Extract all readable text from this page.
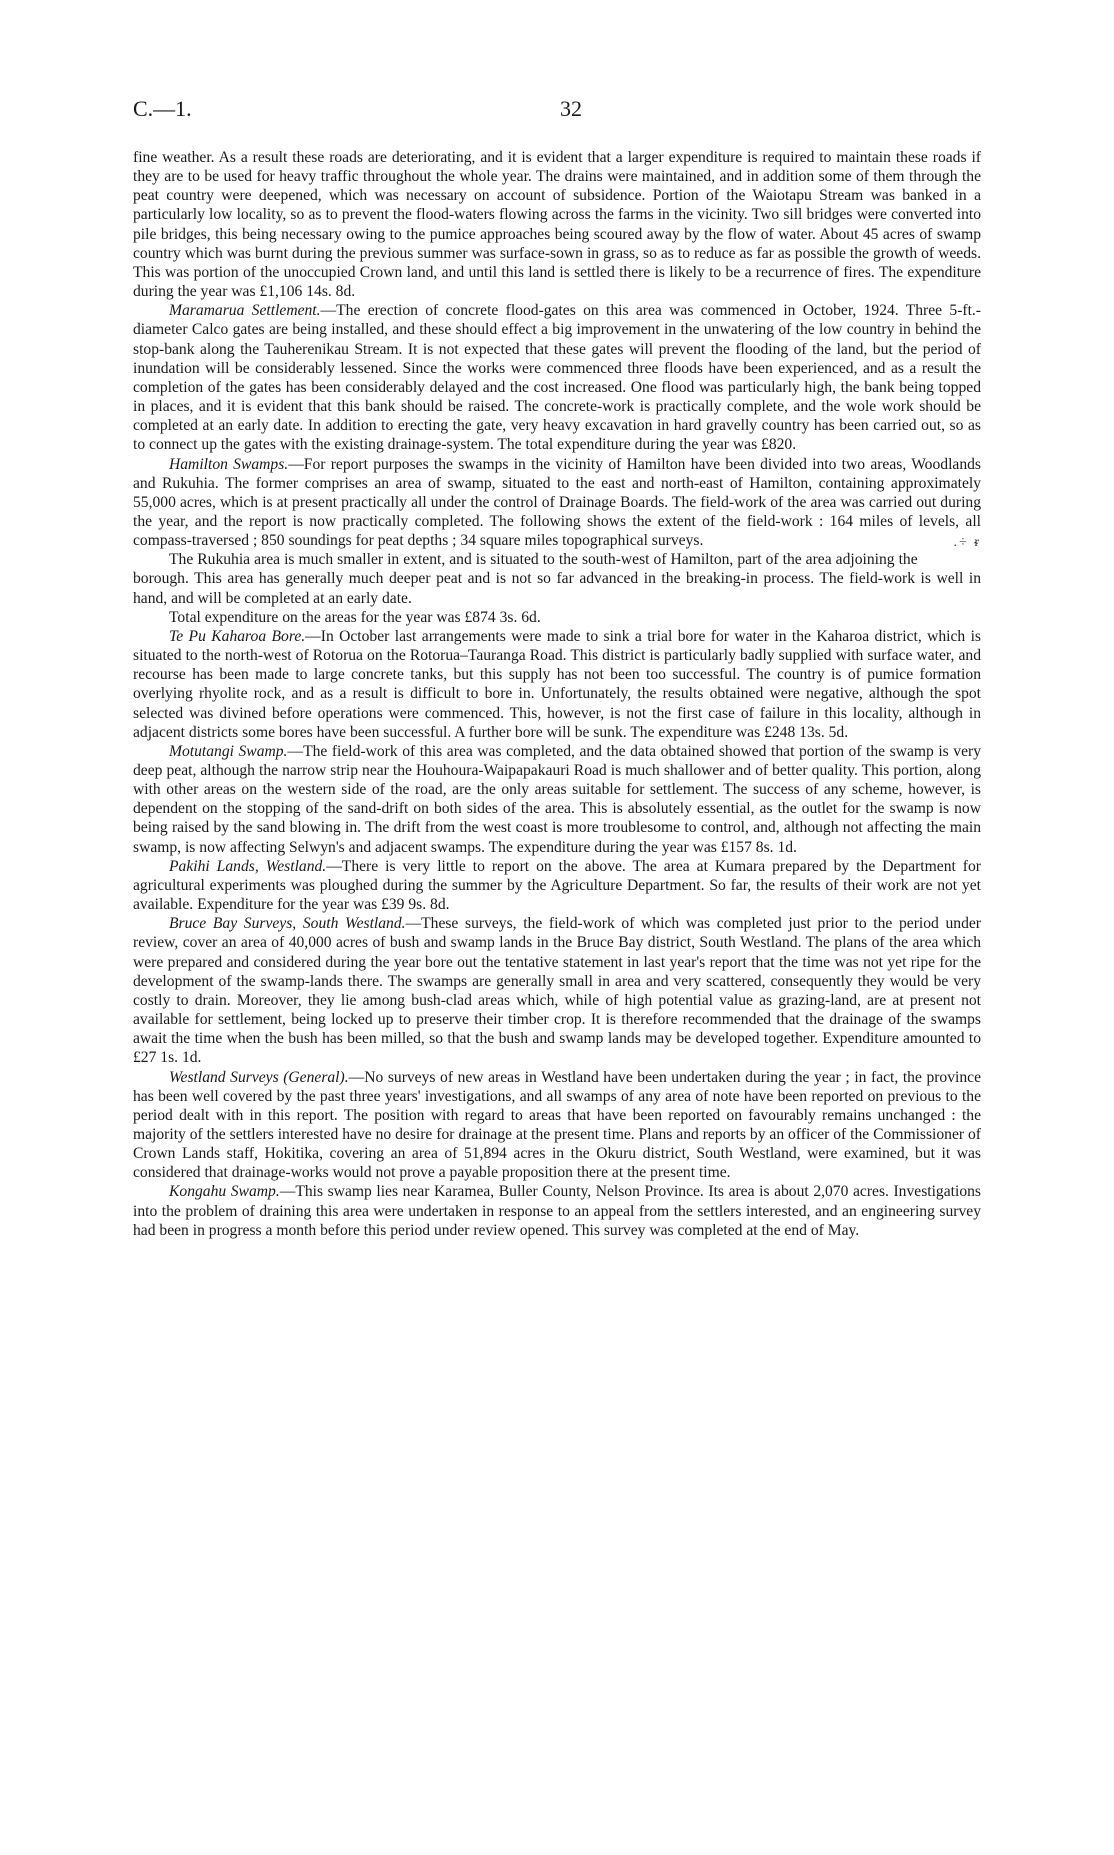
C.—1.	32

fine weather. As a result these roads are deteriorating, and it is evident that a larger expenditure is required to maintain these roads if they are to be used for heavy traffic throughout the whole year. The drains were maintained, and in addition some of them through the peat country were deepened, which was necessary on account of subsidence. Portion of the Waiotapu Stream was banked in a particularly low locality, so as to prevent the flood-waters flowing across the farms in the vicinity. Two sill bridges were converted into pile bridges, this being necessary owing to the pumice approaches being scoured away by the flow of water. About 45 acres of swamp country which was burnt during the previous summer was surface-sown in grass, so as to reduce as far as possible the growth of weeds. This was portion of the unoccupied Crown land, and until this land is settled there is likely to be a recurrence of fires. The expenditure during the year was £1,106 14s. 8d.

Maramarua Settlement.—The erection of concrete flood-gates on this area was commenced in October, 1924. Three 5-ft.-diameter Calco gates are being installed, and these should effect a big improvement in the unwatering of the low country in behind the stop-bank along the Tauherenikau Stream. It is not expected that these gates will prevent the flooding of the land, but the period of inundation will be considerably lessened. Since the works were commenced three floods have been experienced, and as a result the completion of the gates has been considerably delayed and the cost increased. One flood was particularly high, the bank being topped in places, and it is evident that this bank should be raised. The concrete-work is practically complete, and the wole work should be completed at an early date. In addition to erecting the gate, very heavy excavation in hard gravelly country has been carried out, so as to connect up the gates with the existing drainage-system. The total expenditure during the year was £820.

Hamilton Swamps.—For report purposes the swamps in the vicinity of Hamilton have been divided into two areas, Woodlands and Rukuhia. The former comprises an area of swamp, situated to the east and north-east of Hamilton, containing approximately 55,000 acres, which is at present practically all under the control of Drainage Boards. The field-work of the area was carried out during the year, and the report is now practically completed. The following shows the extent of the field-work : 164 miles of levels, all compass-traversed ; 850 soundings for peat depths ; 34 square miles topographical surveys.	.÷ ᵲ

The Rukuhia area is much smaller in extent, and is situated to the south-west of Hamilton, part of the area adjoining the borough. This area has generally much deeper peat and is not so far advanced in the breaking-in process. The field-work is well in hand, and will be completed at an early date.

Total expenditure on the areas for the year was £874 3s. 6d.

Te Pu Kaharoa Bore.—In October last arrangements were made to sink a trial bore for water in the Kaharoa district, which is situated to the north-west of Rotorua on the Rotorua–Tauranga Road. This district is particularly badly supplied with surface water, and recourse has been made to large concrete tanks, but this supply has not been too successful. The country is of pumice formation overlying rhyolite rock, and as a result is difficult to bore in. Unfortunately, the results obtained were negative, although the spot selected was divined before operations were commenced. This, however, is not the first case of failure in this locality, although in adjacent districts some bores have been successful. A further bore will be sunk. The expenditure was £248 13s. 5d.

Motutangi Swamp.—The field-work of this area was completed, and the data obtained showed that portion of the swamp is very deep peat, although the narrow strip near the Houhoura-Waipapakauri Road is much shallower and of better quality. This portion, along with other areas on the western side of the road, are the only areas suitable for settlement. The success of any scheme, however, is dependent on the stopping of the sand-drift on both sides of the area. This is absolutely essential, as the outlet for the swamp is now being raised by the sand blowing in. The drift from the west coast is more troublesome to control, and, although not affecting the main swamp, is now affecting Selwyn's and adjacent swamps. The expenditure during the year was £157 8s. 1d.

Pakihi Lands, Westland.—There is very little to report on the above. The area at Kumara prepared by the Department for agricultural experiments was ploughed during the summer by the Agriculture Department. So far, the results of their work are not yet available. Expenditure for the year was £39 9s. 8d.

Bruce Bay Surveys, South Westland.—These surveys, the field-work of which was completed just prior to the period under review, cover an area of 40,000 acres of bush and swamp lands in the Bruce Bay district, South Westland. The plans of the area which were prepared and considered during the year bore out the tentative statement in last year's report that the time was not yet ripe for the development of the swamp-lands there. The swamps are generally small in area and very scattered, consequently they would be very costly to drain. Moreover, they lie among bush-clad areas which, while of high potential value as grazing-land, are at present not available for settlement, being locked up to preserve their timber crop. It is therefore recommended that the drainage of the swamps await the time when the bush has been milled, so that the bush and swamp lands may be developed together. Expenditure amounted to £27 1s. 1d.

Westland Surveys (General).—No surveys of new areas in Westland have been undertaken during the year ; in fact, the province has been well covered by the past three years' investigations, and all swamps of any area of note have been reported on previous to the period dealt with in this report. The position with regard to areas that have been reported on favourably remains unchanged : the majority of the settlers interested have no desire for drainage at the present time. Plans and reports by an officer of the Commissioner of Crown Lands staff, Hokitika, covering an area of 51,894 acres in the Okuru district, South Westland, were examined, but it was considered that drainage-works would not prove a payable proposition there at the present time.

Kongahu Swamp.—This swamp lies near Karamea, Buller County, Nelson Province. Its area is about 2,070 acres. Investigations into the problem of draining this area were undertaken in response to an appeal from the settlers interested, and an engineering survey had been in progress a month before this period under review opened. This survey was completed at the end of May.
